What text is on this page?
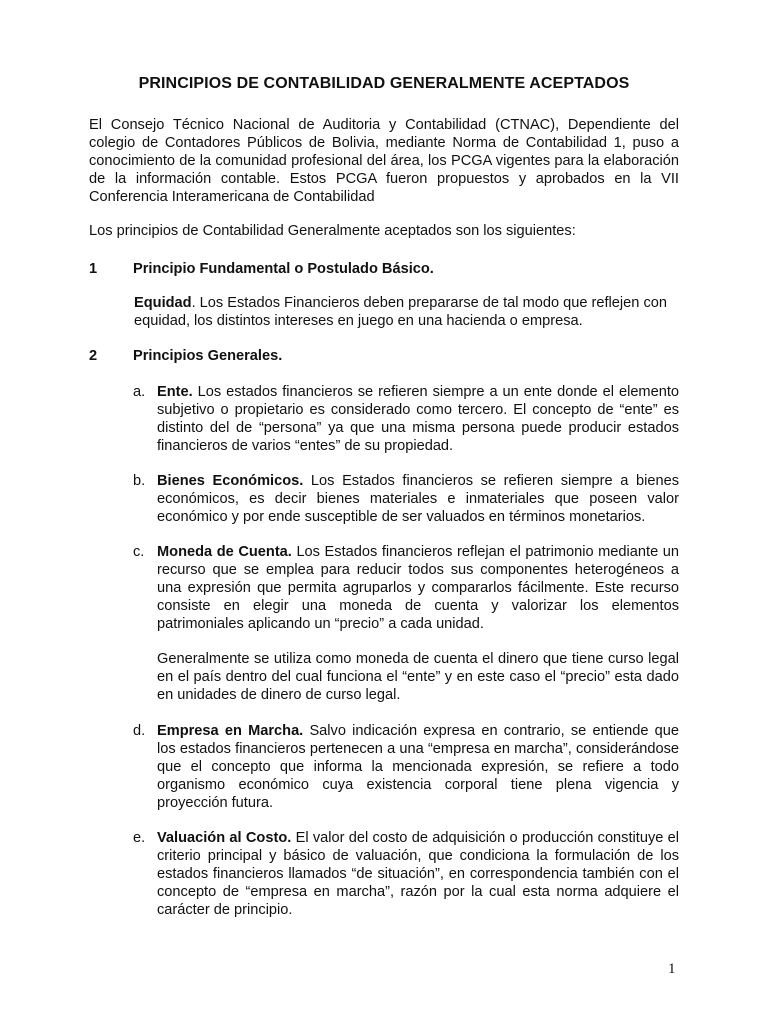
PRINCIPIOS DE CONTABILIDAD GENERALMENTE ACEPTADOS

El Consejo Técnico Nacional de Auditoria y Contabilidad (CTNAC), Dependiente del colegio de Contadores Públicos de Bolivia, mediante Norma de Contabilidad 1, puso a conocimiento de la comunidad profesional del área, los PCGA vigentes para la elaboración de la información contable. Estos PCGA fueron propuestos y aprobados en la VII Conferencia Interamericana de Contabilidad

Los principios de Contabilidad Generalmente aceptados son los siguientes:

1 Principio Fundamental o Postulado Básico.

Equidad. Los Estados Financieros deben prepararse de tal modo que reflejen con equidad, los distintos intereses en juego en una hacienda o empresa.

2 Principios Generales.

a. Ente. Los estados financieros se refieren siempre a un ente donde el elemento subjetivo o propietario es considerado como tercero. El concepto de “ente” es distinto del de “persona” ya que una misma persona puede producir estados financieros de varios “entes” de su propiedad.

b. Bienes Económicos. Los Estados financieros se refieren siempre a bienes económicos, es decir bienes materiales e inmateriales que poseen valor económico y por ende susceptible de ser valuados en términos monetarios.

c. Moneda de Cuenta. Los Estados financieros reflejan el patrimonio mediante un recurso que se emplea para reducir todos sus componentes heterogéneos a una expresión que permita agruparlos y compararlos fácilmente. Este recurso consiste en elegir una moneda de cuenta y valorizar los elementos patrimoniales aplicando un “precio” a cada unidad.

Generalmente se utiliza como moneda de cuenta el dinero que tiene curso legal en el país dentro del cual funciona el “ente” y en este caso el “precio” esta dado en unidades de dinero de curso legal.

d. Empresa en Marcha. Salvo indicación expresa en contrario, se entiende que los estados financieros pertenecen a una “empresa en marcha”, considerándose que el concepto que informa la mencionada expresión, se refiere a todo organismo económico cuya existencia corporal tiene plena vigencia y proyección futura.

e. Valuación al Costo. El valor del costo de adquisición o producción constituye el criterio principal y básico de valuación, que condiciona la formulación de los estados financieros llamados “de situación”, en correspondencia también con el concepto de “empresa en marcha”, razón por la cual esta norma adquiere el carácter de principio.

1
